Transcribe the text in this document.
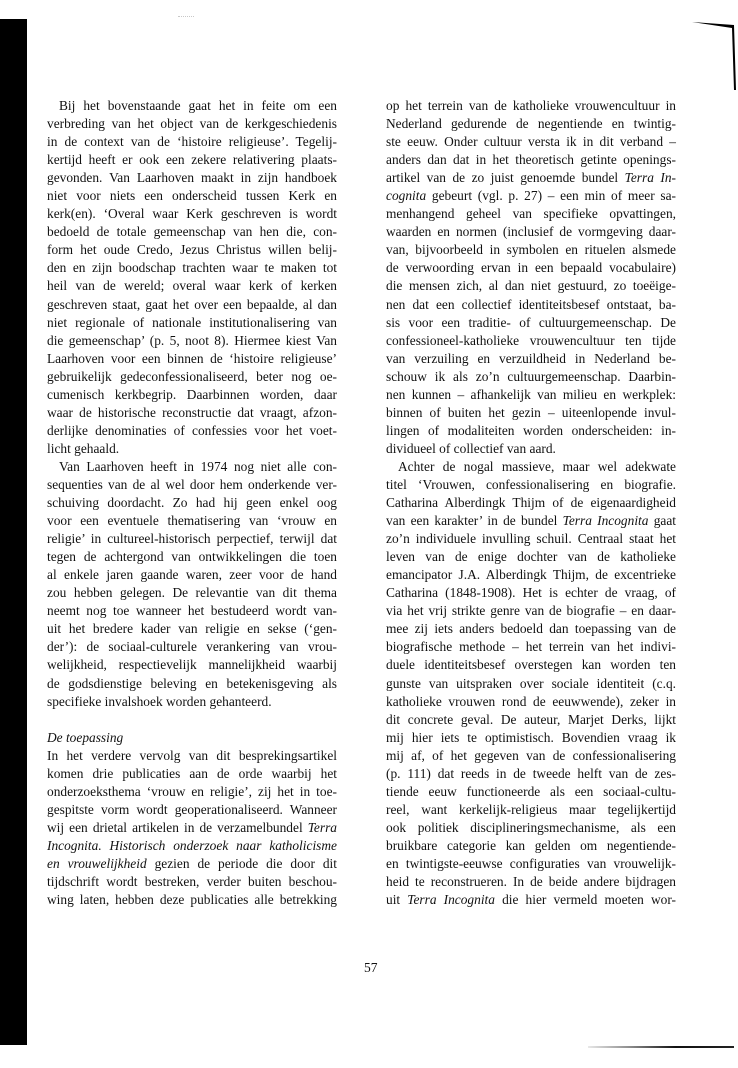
Bij het bovenstaande gaat het in feite om een
verbreding van het object van de kerkgeschiedenis
in de context van de ‘histoire religieuse’. Tegelij-
kertijd heeft er ook een zekere relativering plaats-
gevonden. Van Laarhoven maakt in zijn handboek
niet voor niets een onderscheid tussen Kerk en
kerk(en). ‘Overal waar Kerk geschreven is wordt
bedoeld de totale gemeenschap van hen die, con-
form het oude Credo, Jezus Christus willen belij-
den en zijn boodschap trachten waar te maken tot
heil van de wereld; overal waar kerk of kerken
geschreven staat, gaat het over een bepaalde, al dan
niet regionale of nationale institutionalisering van
die gemeenschap’ (p. 5, noot 8). Hiermee kiest Van
Laarhoven voor een binnen de ‘histoire religieuse’
gebruikelijk gedeconfessionaliseerd, beter nog oe-
cumenisch kerkbegrip. Daarbinnen worden, daar
waar de historische reconstructie dat vraagt, afzon-
derlijke denominaties of confessies voor het voet-
licht gehaald.

Van Laarhoven heeft in 1974 nog niet alle con-
sequenties van de al wel door hem onderkende ver-
schuiving doordacht. Zo had hij geen enkel oog
voor een eventuele thematisering van ‘vrouw en
religie’ in cultureel-historisch perpectief, terwijl dat
tegen de achtergond van ontwikkelingen die toen
al enkele jaren gaande waren, zeer voor de hand
zou hebben gelegen. De relevantie van dit thema
neemt nog toe wanneer het bestudeerd wordt van-
uit het bredere kader van religie en sekse (‘gen-
der’): de sociaal-culturele verankering van vrou-
welijkheid, respectievelijk mannelijkheid waarbij
de godsdienstige beleving en betekenisgeving als
specifieke invalshoek worden gehanteerd.

De toepassing

In het verdere vervolg van dit besprekingsartikel
komen drie publicaties aan de orde waarbij het
onderzoeksthema ‘vrouw en religie’, zij het in toe-
gespitste vorm wordt geoperationaliseerd. Wanneer
wij een drietal artikelen in de verzamelbundel Terra
Incognita. Historisch onderzoek naar katholicisme
en vrouwelijkheid gezien de periode die door dit
tijdschrift wordt bestreken, verder buiten beschou-
wing laten, hebben deze publicaties alle betrekking

op het terrein van de katholieke vrouwencultuur in
Nederland gedurende de negentiende en twintig-
ste eeuw. Onder cultuur versta ik in dit verband –
anders dan dat in het theoretisch getinte openings-
artikel van de zo juist genoemde bundel Terra In-
cognita gebeurt (vgl. p. 27) – een min of meer sa-
menhangend geheel van specifieke opvattingen,
waarden en normen (inclusief de vormgeving daar-
van, bijvoorbeeld in symbolen en rituelen alsmede
de verwoording ervan in een bepaald vocabulaire)
die mensen zich, al dan niet gestuurd, zo toeëige-
nen dat een collectief identiteitsbesef ontstaat, ba-
sis voor een traditie- of cultuurgemeenschap. De
confessioneel-katholieke vrouwencultuur ten tijde
van verzuiling en verzuildheid in Nederland be-
schouw ik als zo’n cultuurgemeenschap. Daarbin-
nen kunnen – afhankelijk van milieu en werkplek:
binnen of buiten het gezin – uiteenlopende invul-
lingen of modaliteiten worden onderscheiden: in-
dividueel of collectief van aard.

Achter de nogal massieve, maar wel adekwate
titel ‘Vrouwen, confessionalisering en biografie.
Catharina Alberdingk Thijm of de eigenaardigheid
van een karakter’ in de bundel Terra Incognita gaat
zo’n individuele invulling schuil. Centraal staat het
leven van de enige dochter van de katholieke
emancipator J.A. Alberdingk Thijm, de excentrieke
Catharina (1848-1908). Het is echter de vraag, of
via het vrij strikte genre van de biografie – en daar-
mee zij iets anders bedoeld dan toepassing van de
biografische methode – het terrein van het indivi-
duele identiteitsbesef overstegen kan worden ten
gunste van uitspraken over sociale identiteit (c.q.
katholieke vrouwen rond de eeuwwende), zeker in
dit concrete geval. De auteur, Marjet Derks, lijkt
mij hier iets te optimistisch. Bovendien vraag ik
mij af, of het gegeven van de confessionalisering
(p. 111) dat reeds in de tweede helft van de zes-
tiende eeuw functioneerde als een sociaal-cultu-
reel, want kerkelijk-religieus maar tegelijkertijd
ook politiek disciplineringsmechanisme, als een
bruikbare categorie kan gelden om negentiende-
en twintigste-eeuwse configuraties van vrouwelijk-
heid te reconstrueren. In de beide andere bijdragen
uit Terra Incognita die hier vermeld moeten wor-

57
